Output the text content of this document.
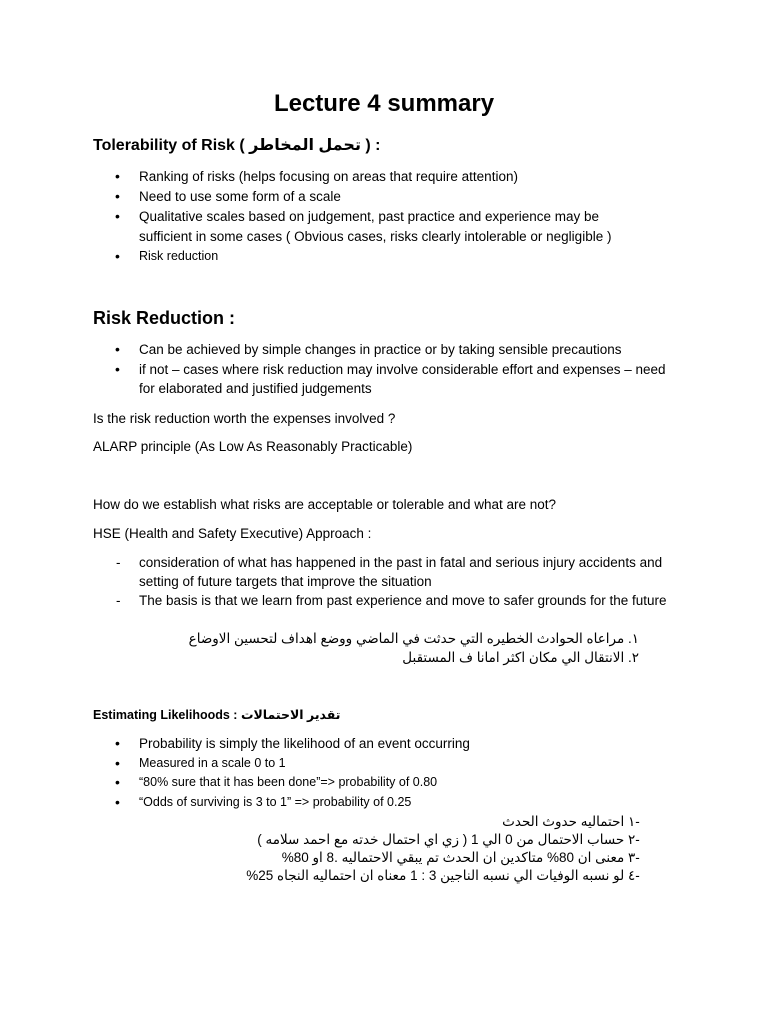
Lecture 4 summary
Tolerability of Risk ( تحمل المخاطر ) :
• Ranking of risks (helps focusing on areas that require attention)
• Need to use some form of a scale
• Qualitative scales based on judgement, past practice and experience may be sufficient in some cases ( Obvious cases, risks clearly intolerable or negligible )
• Risk reduction
Risk Reduction :
• Can be achieved by simple changes in practice or by taking sensible precautions
• if not – cases where risk reduction may involve considerable effort and expenses – need for elaborated and justified judgements
Is the risk reduction worth the expenses involved ?
ALARP principle (As Low As Reasonably Practicable)
How do we establish what risks are acceptable or tolerable and what are not?
HSE (Health and Safety Executive) Approach :
- consideration of what has happened in the past in fatal and serious injury accidents and setting of future targets that improve the situation
- The basis is that we learn from past experience and move to safer grounds for the future
١. مراعاه الحوادث الخطيره التي حدثت في الماضي ووضع اهداف لتحسين الاوضاع
٢. الانتقال الي مكان اكثر امانا ف المستقبل
Estimating Likelihoods : تقدير الاحتمالات
• Probability is simply the likelihood of an event occurring
• Measured in a scale 0 to 1
• “80% sure that it has been done”=> probability of 0.80
• “Odds of surviving is 3 to 1” => probability of 0.25
-١ احتماليه حدوث الحدث
-٢ حساب الاحتمال من 0 الي 1 ( زي اي احتمال خدته مع احمد سلامه )
-٣ معنى ان 80% متاكدين ان الحدث تم يبقي الاحتماليه .8 او 80%
-٤ لو نسبه الوفيات الي نسبه الناجين 3 : 1 معناه ان احتماليه النجاه 25%
